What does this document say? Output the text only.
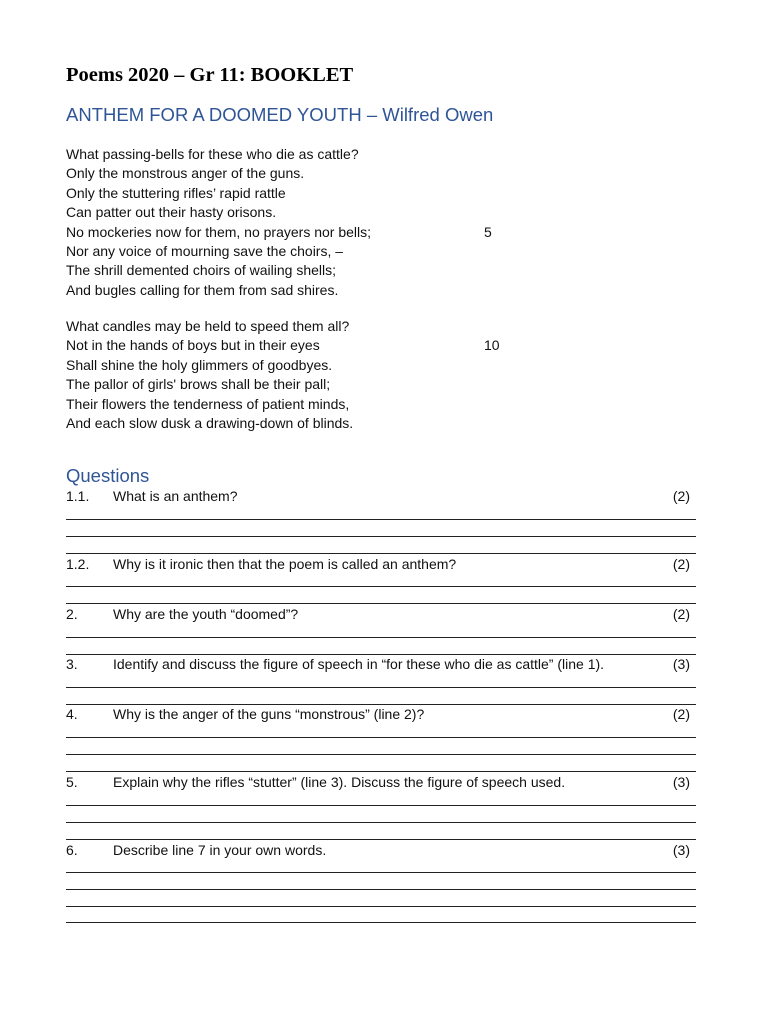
Poems 2020 – Gr 11: BOOKLET
ANTHEM FOR A DOOMED YOUTH – Wilfred Owen
What passing-bells for these who die as cattle?
Only the monstrous anger of the guns.
Only the stuttering rifles’ rapid rattle
Can patter out their hasty orisons.
No mockeries now for them, no prayers nor bells;	5
Nor any voice of mourning save the choirs, –
The shrill demented choirs of wailing shells;
And bugles calling for them from sad shires.
What candles may be held to speed them all?
Not in the hands of boys but in their eyes	10
Shall shine the holy glimmers of goodbyes.
The pallor of girls' brows shall be their pall;
Their flowers the tenderness of patient minds,
And each slow dusk a drawing-down of blinds.
Questions
1.1. What is an anthem?	(2)
1.2. Why is it ironic then that the poem is called an anthem?	(2)
2.	Why are the youth “doomed”?	(2)
3.	Identify and discuss the figure of speech in “for these who die as cattle” (line 1).	(3)
4.	Why is the anger of the guns “monstrous” (line 2)?	(2)
5.	Explain why the rifles “stutter” (line 3). Discuss the figure of speech used.	(3)
6.	Describe line 7 in your own words.	(3)
